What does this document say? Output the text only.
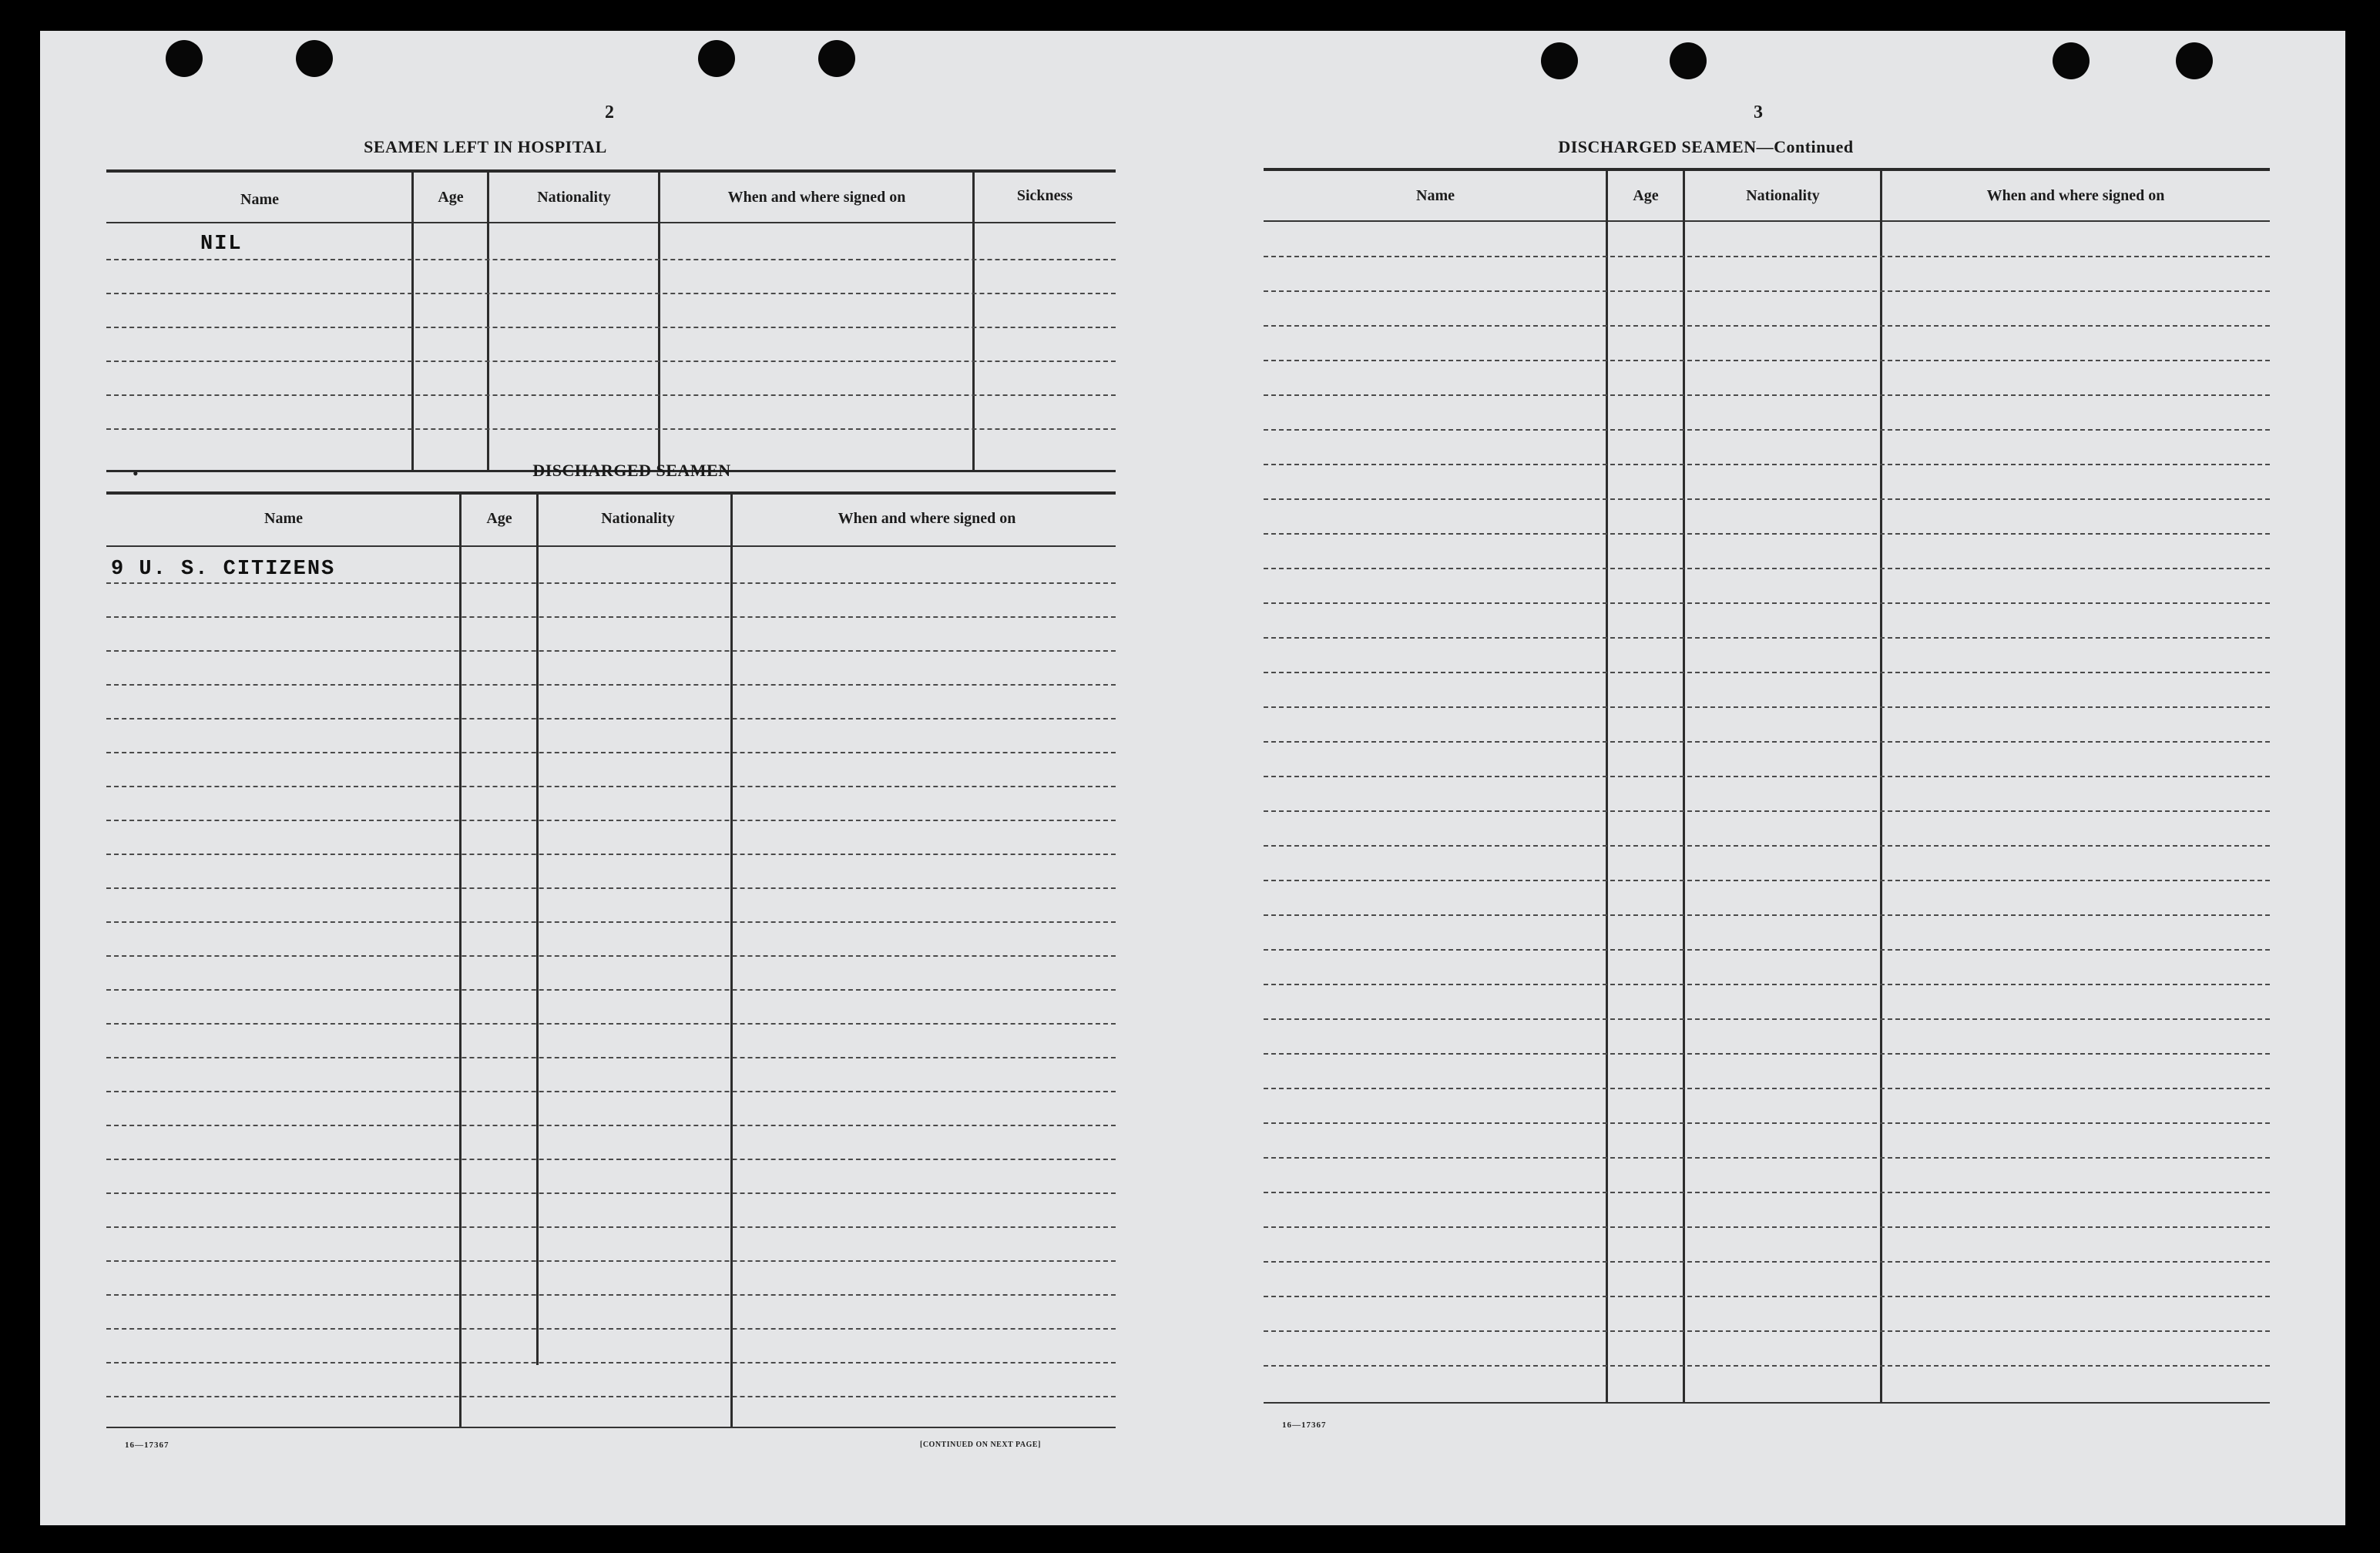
2
SEAMEN LEFT IN HOSPITAL
Name	Age	Nationality	When and where signed on	Sickness
NIL
•	DISCHARGED SEAMEN
Name	Age	Nationality	When and where signed on
9 U. S. CITIZENS
16—17367	[CONTINUED ON NEXT PAGE]
3
DISCHARGED SEAMEN—Continued
Name	Age	Nationality	When and where signed on
16—17367
